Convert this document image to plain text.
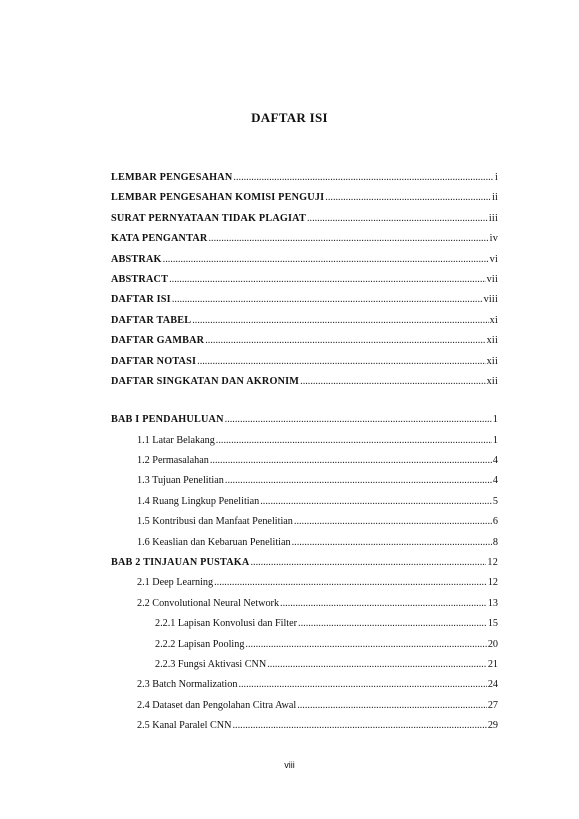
DAFTAR ISI
LEMBAR PENGESAHAN .....	i
LEMBAR PENGESAHAN KOMISI PENGUJI .....	ii
SURAT PERNYATAAN TIDAK PLAGIAT .....	iii
KATA PENGANTAR .....	iv
ABSTRAK .....	vi
ABSTRACT .....	vii
DAFTAR ISI .....	viii
DAFTAR TABEL .....	xi
DAFTAR GAMBAR .....	xii
DAFTAR NOTASI .....	xii
DAFTAR SINGKATAN DAN AKRONIM .....	xii
BAB I PENDAHULUAN .....	1
1.1 Latar Belakang .....	1
1.2 Permasalahan .....	4
1.3 Tujuan Penelitian .....	4
1.4 Ruang Lingkup Penelitian .....	5
1.5 Kontribusi dan Manfaat Penelitian .....	6
1.6 Keaslian dan Kebaruan Penelitian .....	8
BAB 2 TINJAUAN PUSTAKA .....	12
2.1 Deep Learning .....	12
2.2 Convolutional Neural Network .....	13
2.2.1 Lapisan Konvolusi dan Filter .....	15
2.2.2 Lapisan Pooling .....	20
2.2.3 Fungsi Aktivasi CNN .....	21
2.3 Batch Normalization .....	24
2.4 Dataset dan Pengolahan Citra Awal .....	27
2.5 Kanal Paralel CNN .....	29
viii
